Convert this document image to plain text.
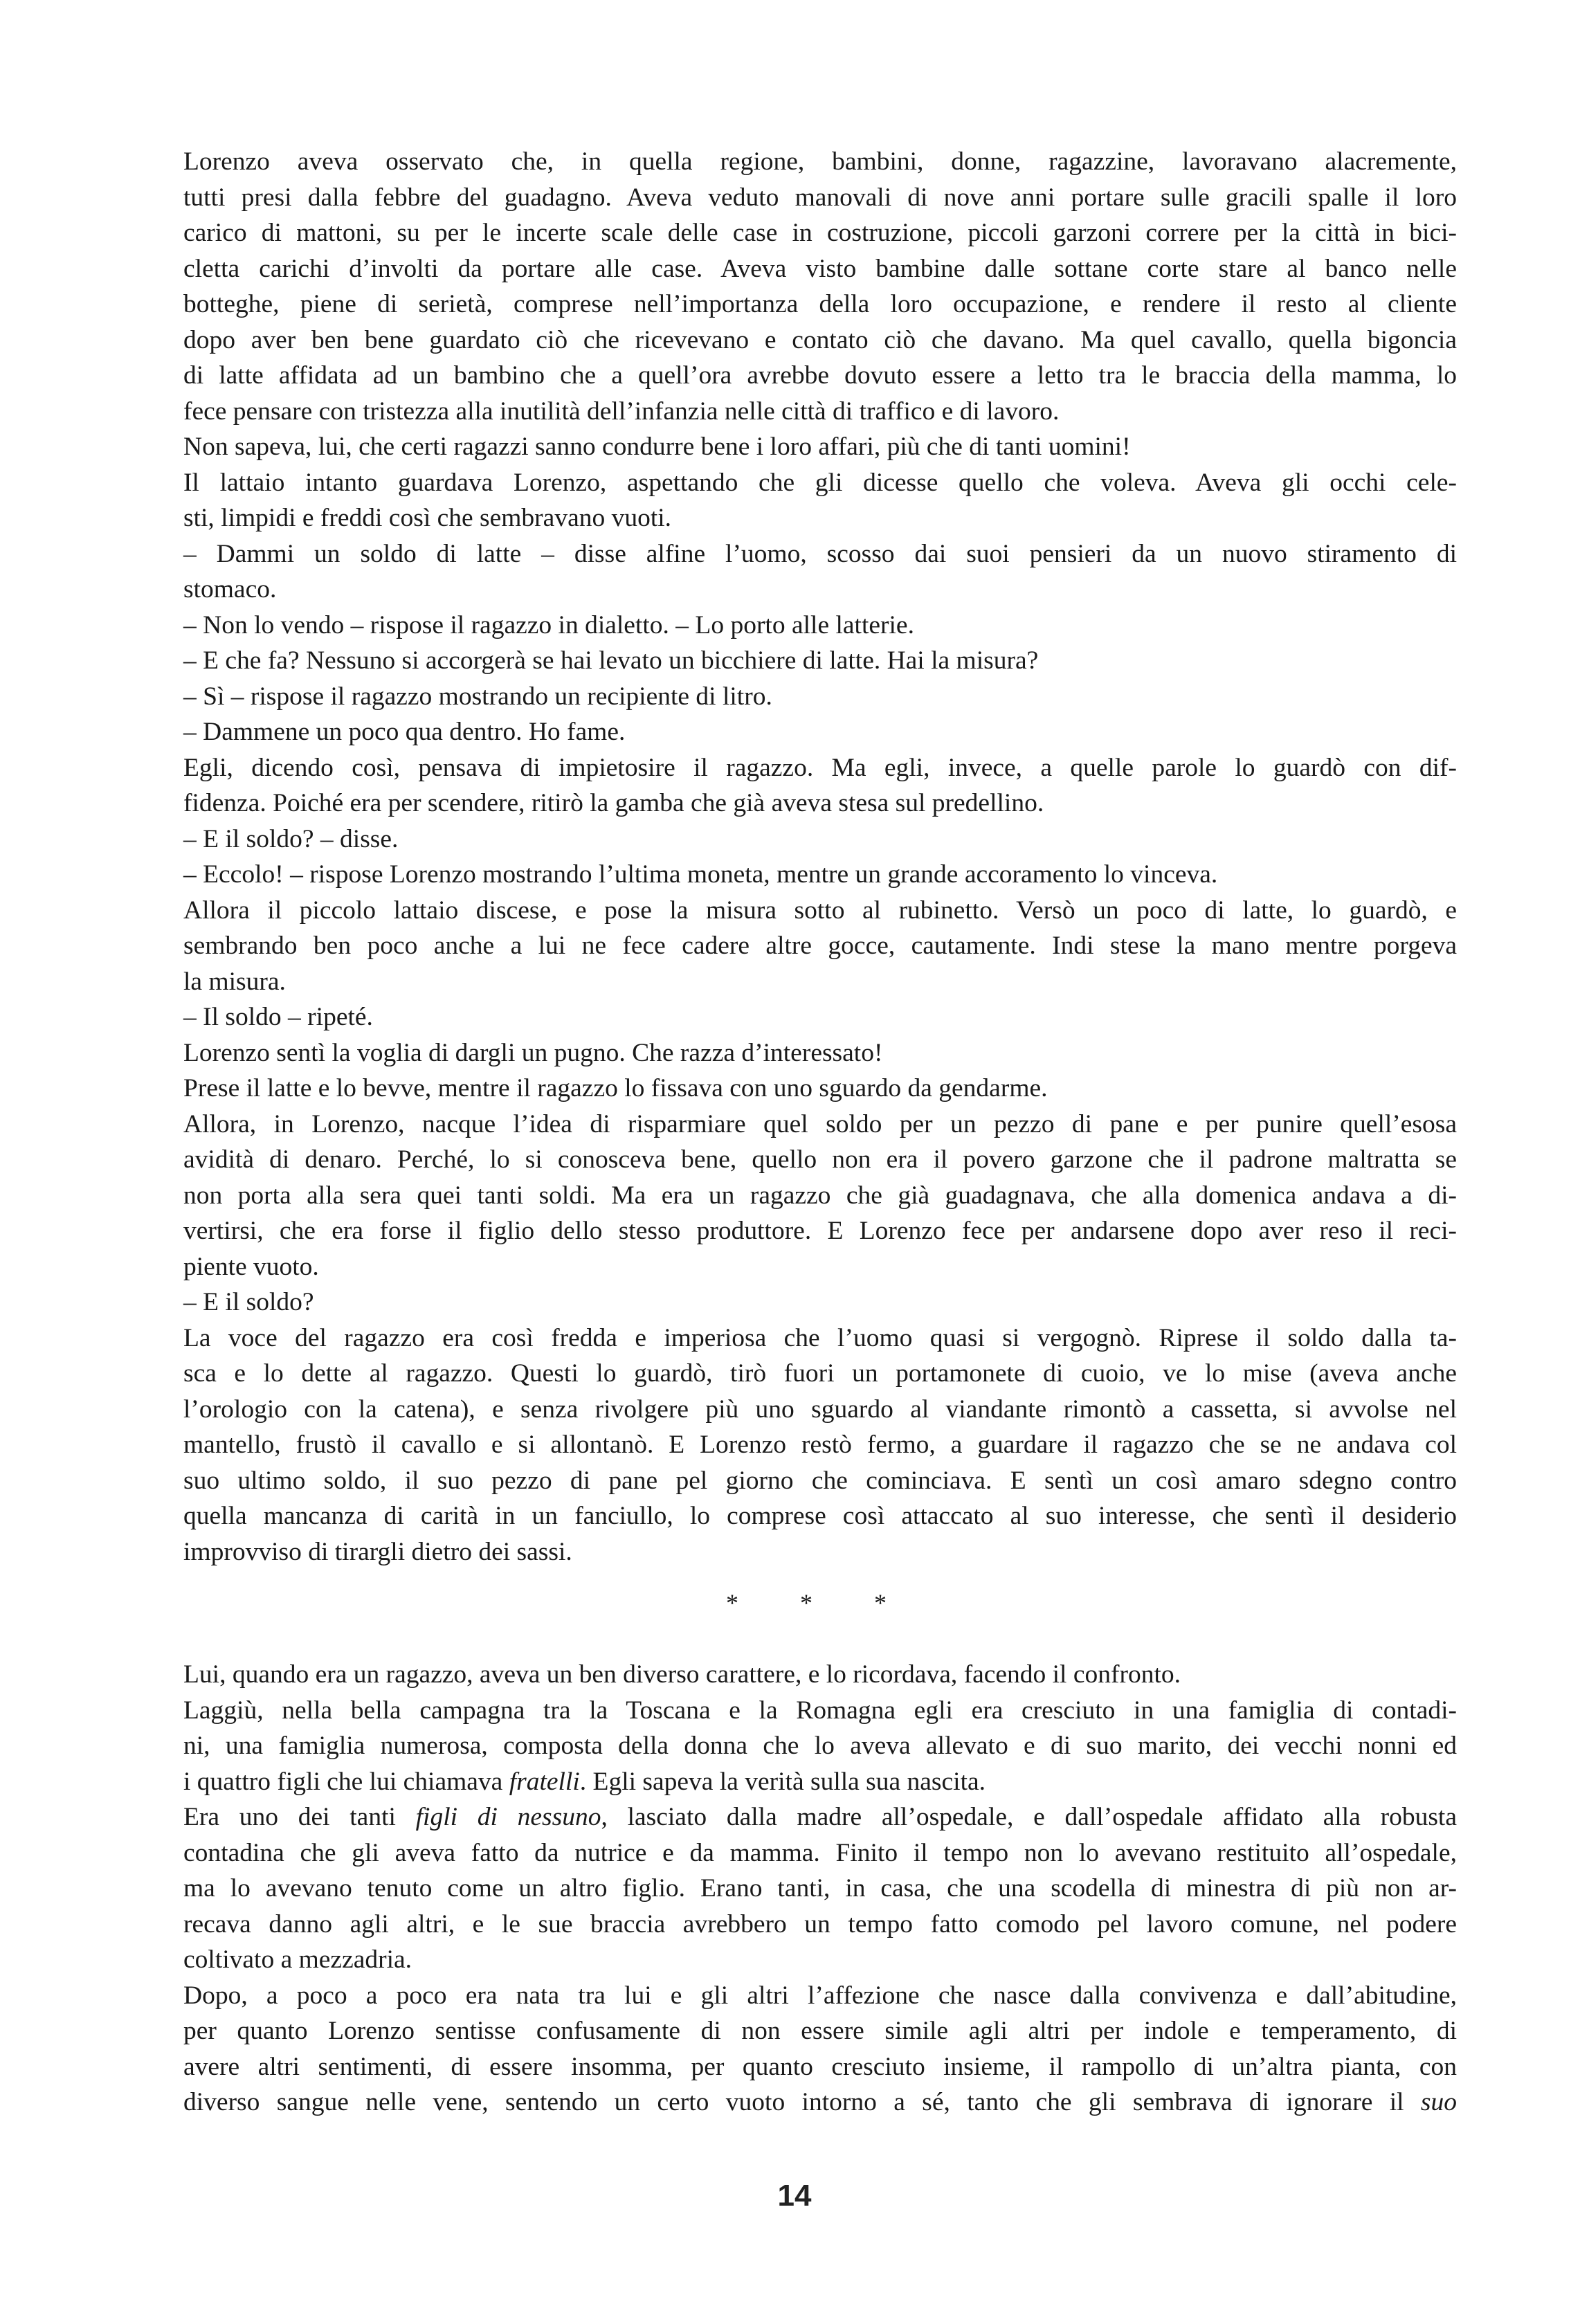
Lorenzo aveva osservato che, in quella regione, bambini, donne, ragazzine, lavoravano alacremente,
tutti presi dalla febbre del guadagno. Aveva veduto manovali di nove anni portare sulle gracili spalle il loro
carico di mattoni, su per le incerte scale delle case in costruzione, piccoli garzoni correre per la città in bici-
cletta carichi d’involti da portare alle case. Aveva visto bambine dalle sottane corte stare al banco nelle
botteghe, piene di serietà, comprese nell’importanza della loro occupazione, e rendere il resto al cliente
dopo aver ben bene guardato ciò che ricevevano e contato ciò che davano. Ma quel cavallo, quella bigoncia
di latte affidata ad un bambino che a quell’ora avrebbe dovuto essere a letto tra le braccia della mamma, lo
fece pensare con tristezza alla inutilità dell’infanzia nelle città di traffico e di lavoro.
Non sapeva, lui, che certi ragazzi sanno condurre bene i loro affari, più che di tanti uomini!
Il lattaio intanto guardava Lorenzo, aspettando che gli dicesse quello che voleva. Aveva gli occhi cele-
sti, limpidi e freddi così che sembravano vuoti.
– Dammi un soldo di latte – disse alfine l’uomo, scosso dai suoi pensieri da un nuovo stiramento di
stomaco.
– Non lo vendo – rispose il ragazzo in dialetto. – Lo porto alle latterie.
– E che fa? Nessuno si accorgerà se hai levato un bicchiere di latte. Hai la misura?
– Sì – rispose il ragazzo mostrando un recipiente di litro.
– Dammene un poco qua dentro. Ho fame.
Egli, dicendo così, pensava di impietosire il ragazzo. Ma egli, invece, a quelle parole lo guardò con dif-
fidenza. Poiché era per scendere, ritirò la gamba che già aveva stesa sul predellino.
– E il soldo? – disse.
– Eccolo! – rispose Lorenzo mostrando l’ultima moneta, mentre un grande accoramento lo vinceva.
Allora il piccolo lattaio discese, e pose la misura sotto al rubinetto. Versò un poco di latte, lo guardò, e
sembrando ben poco anche a lui ne fece cadere altre gocce, cautamente. Indi stese la mano mentre porgeva
la misura.
– Il soldo – ripeté.
Lorenzo sentì la voglia di dargli un pugno. Che razza d’interessato!
Prese il latte e lo bevve, mentre il ragazzo lo fissava con uno sguardo da gendarme.
Allora, in Lorenzo, nacque l’idea di risparmiare quel soldo per un pezzo di pane e per punire quell’esosa
avidità di denaro. Perché, lo si conosceva bene, quello non era il povero garzone che il padrone maltratta se
non porta alla sera quei tanti soldi. Ma era un ragazzo che già guadagnava, che alla domenica andava a di-
vertirsi, che era forse il figlio dello stesso produttore. E Lorenzo fece per andarsene dopo aver reso il reci-
piente vuoto.
– E il soldo?
La voce del ragazzo era così fredda e imperiosa che l’uomo quasi si vergognò. Riprese il soldo dalla ta-
sca e lo dette al ragazzo. Questi lo guardò, tirò fuori un portamonete di cuoio, ve lo mise (aveva anche
l’orologio con la catena), e senza rivolgere più uno sguardo al viandante rimontò a cassetta, si avvolse nel
mantello, frustò il cavallo e si allontanò. E Lorenzo restò fermo, a guardare il ragazzo che se ne andava col
suo ultimo soldo, il suo pezzo di pane pel giorno che cominciava. E sentì un così amaro sdegno contro
quella mancanza di carità in un fanciullo, lo comprese così attaccato al suo interesse, che sentì il desiderio
improvviso di tirargli dietro dei sassi.
* * *
Lui, quando era un ragazzo, aveva un ben diverso carattere, e lo ricordava, facendo il confronto.
Laggiù, nella bella campagna tra la Toscana e la Romagna egli era cresciuto in una famiglia di contadi-
ni, una famiglia numerosa, composta della donna che lo aveva allevato e di suo marito, dei vecchi nonni ed
i quattro figli che lui chiamava fratelli. Egli sapeva la verità sulla sua nascita.
Era uno dei tanti figli di nessuno, lasciato dalla madre all’ospedale, e dall’ospedale affidato alla robusta
contadina che gli aveva fatto da nutrice e da mamma. Finito il tempo non lo avevano restituito all’ospedale,
ma lo avevano tenuto come un altro figlio. Erano tanti, in casa, che una scodella di minestra di più non ar-
recava danno agli altri, e le sue braccia avrebbero un tempo fatto comodo pel lavoro comune, nel podere
coltivato a mezzadria.
Dopo, a poco a poco era nata tra lui e gli altri l’affezione che nasce dalla convivenza e dall’abitudine,
per quanto Lorenzo sentisse confusamente di non essere simile agli altri per indole e temperamento, di
avere altri sentimenti, di essere insomma, per quanto cresciuto insieme, il rampollo di un’altra pianta, con
diverso sangue nelle vene, sentendo un certo vuoto intorno a sé, tanto che gli sembrava di ignorare il suo
14
